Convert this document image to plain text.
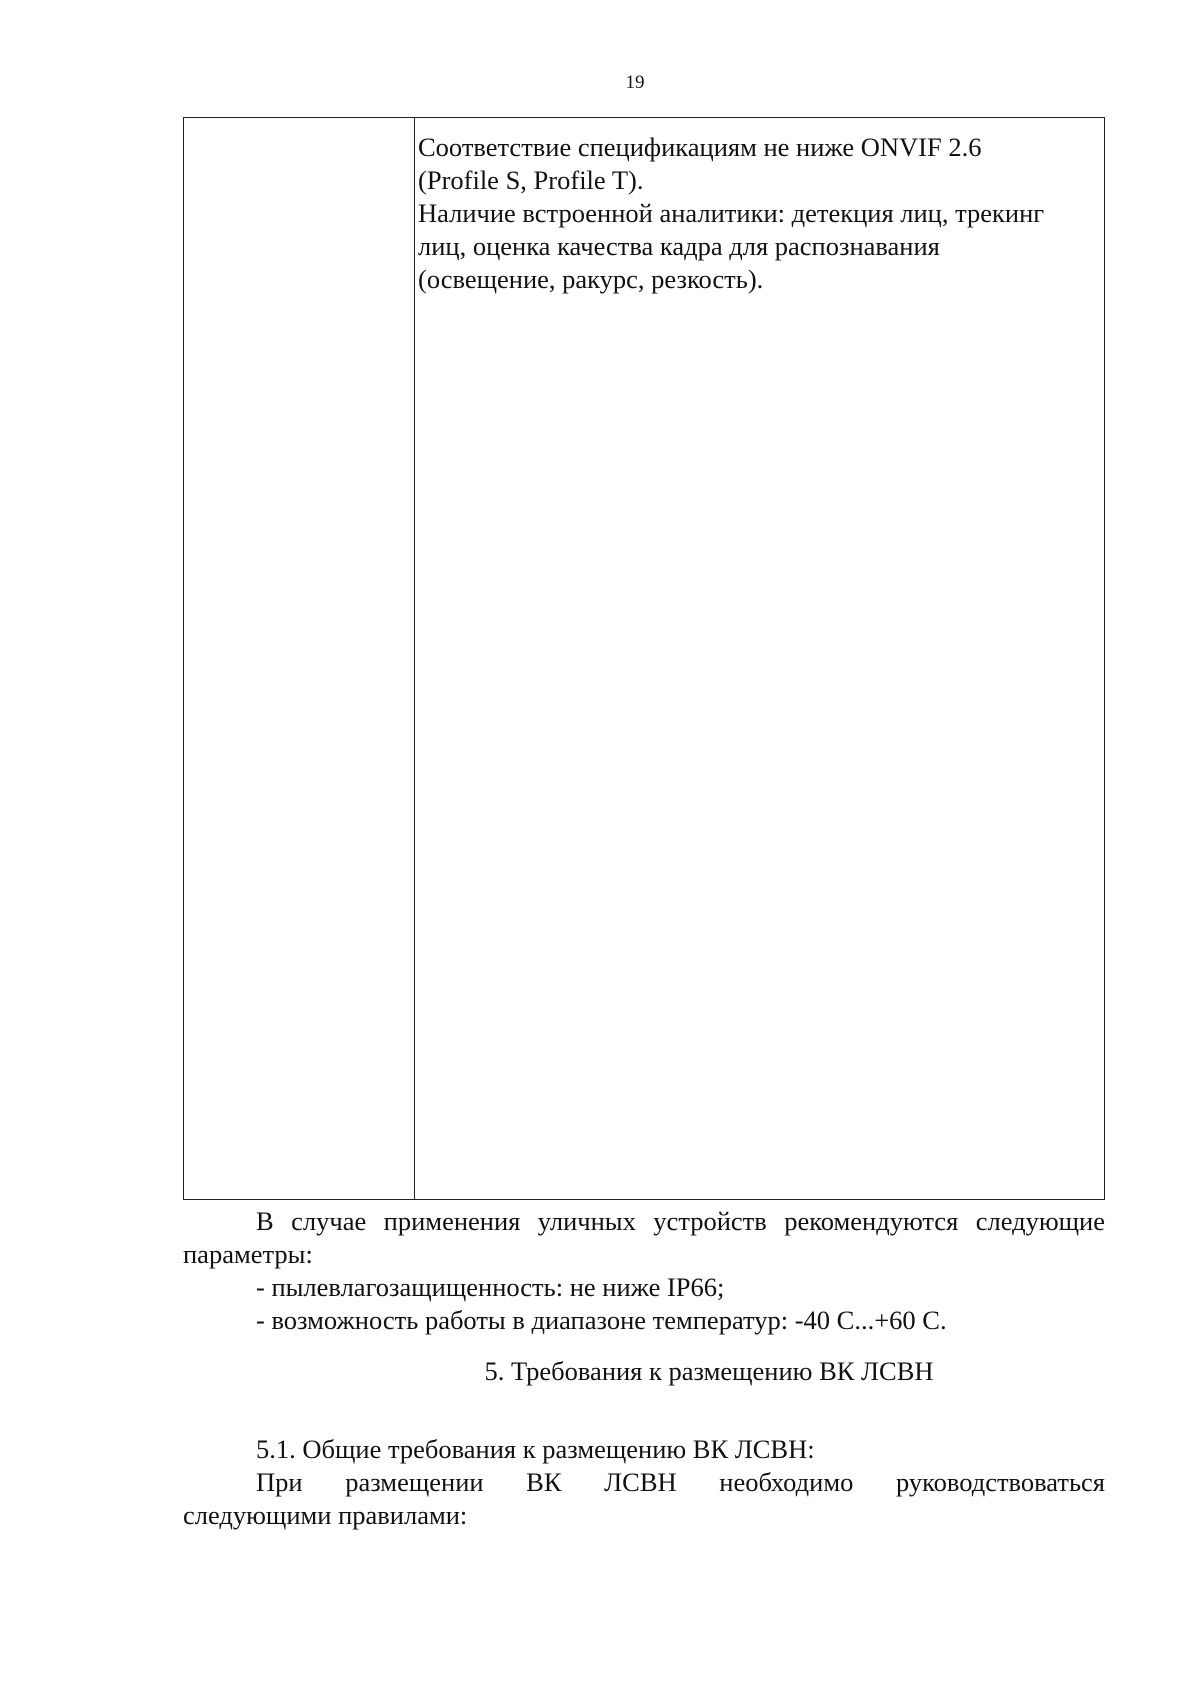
19

Соответствие спецификациям не ниже ONVIF 2.6

(Profile S, Profile T).

Наличие встроенной аналитики: детекция лиц, трекинг

лиц, оценка качества кадра для распознавания

(освещение, ракурс, резкость).

В случае применения уличных устройств рекомендуются следующие

параметры:

- пылевлагозащищенность: не ниже IP66;

- возможность работы в диапазоне температур: -40 С...+60 С.

5. Требования к размещению ВК ЛСВН

5.1. Общие требования к размещению ВК ЛСВН:

При размещении ВК ЛСВН необходимо руководствоваться

следующими правилами:
